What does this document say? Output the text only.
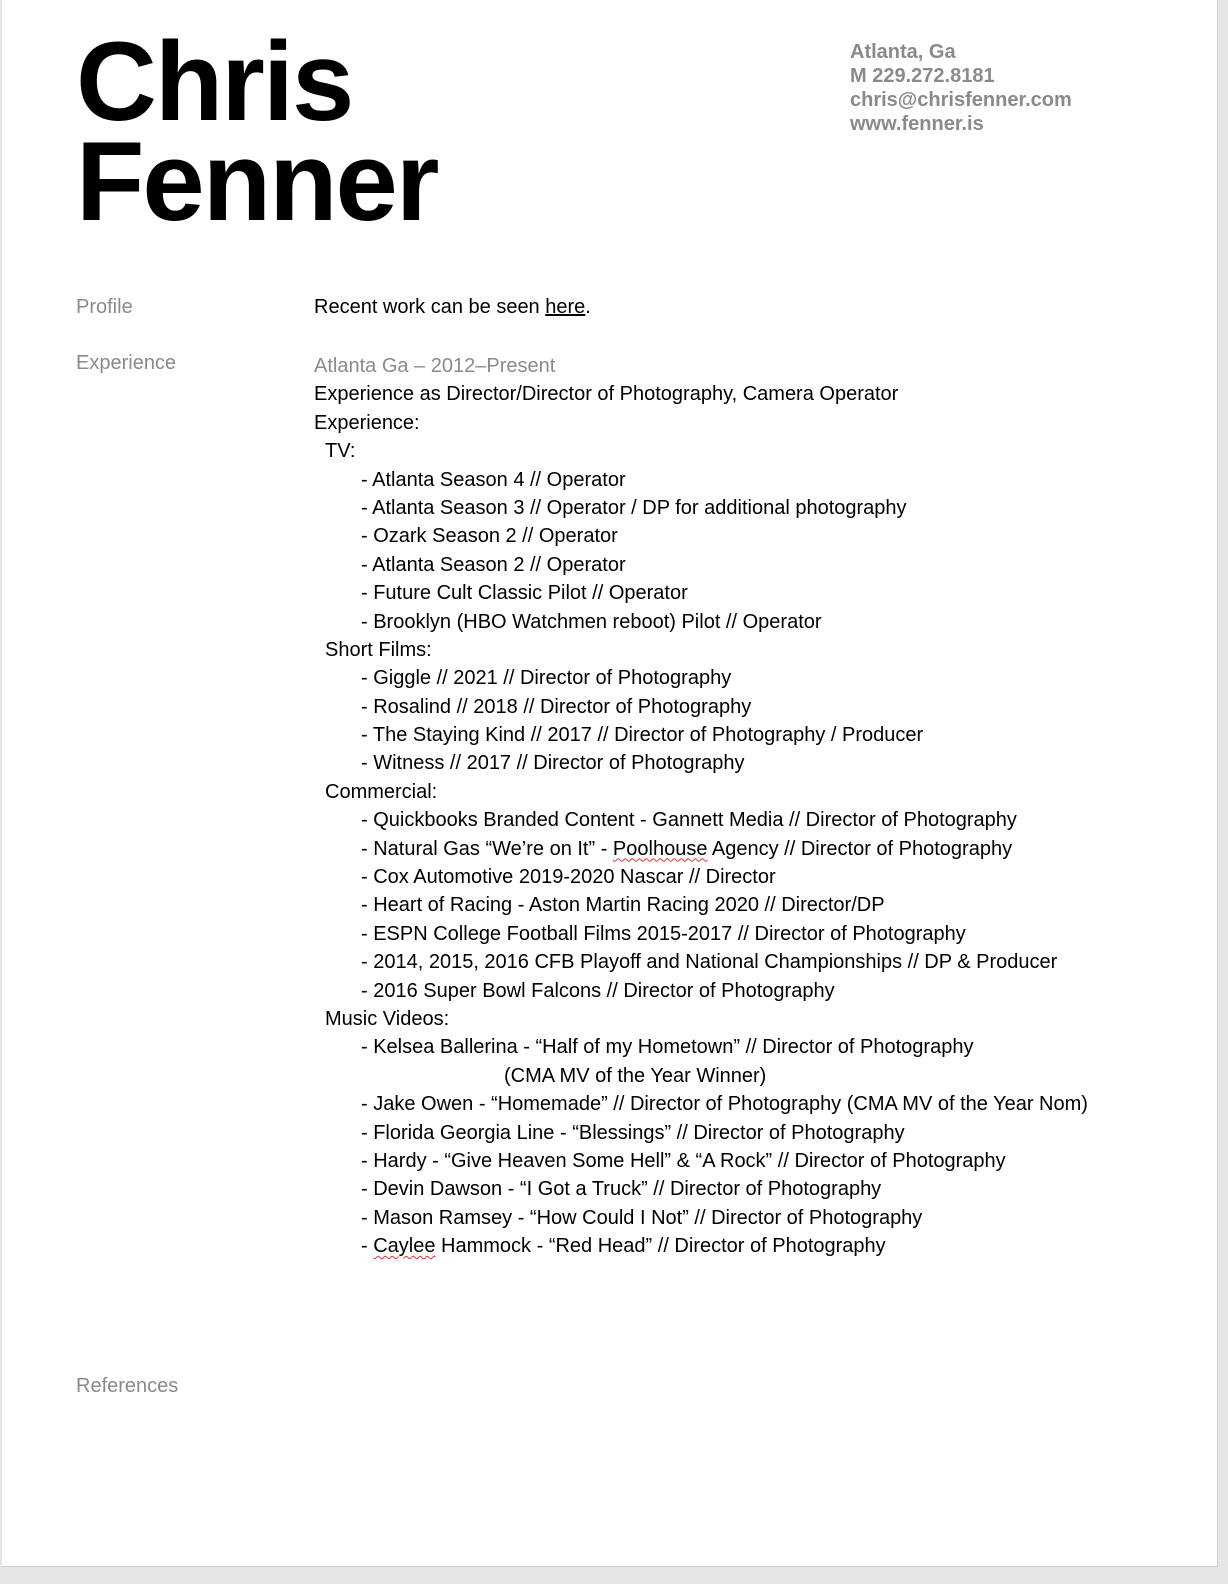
Chris
Fenner
Atlanta, Ga
M 229.272.8181
chris@chrisfenner.com
www.fenner.is
Profile	Recent work can be seen here.
Experience	Atlanta Ga – 2012–Present
Experience as Director/Director of Photography, Camera Operator
Experience:
TV:
- Atlanta Season 4 // Operator
- Atlanta Season 3 // Operator / DP for additional photography
- Ozark Season 2 // Operator
- Atlanta Season 2 // Operator
- Future Cult Classic Pilot // Operator
- Brooklyn (HBO Watchmen reboot) Pilot // Operator
Short Films:
- Giggle // 2021 // Director of Photography
- Rosalind // 2018 // Director of Photography
- The Staying Kind // 2017 // Director of Photography / Producer
- Witness // 2017 // Director of Photography
Commercial:
- Quickbooks Branded Content - Gannett Media // Director of Photography
- Natural Gas “We’re on It” - Poolhouse Agency // Director of Photography
- Cox Automotive 2019-2020 Nascar // Director
- Heart of Racing - Aston Martin Racing 2020 // Director/DP
- ESPN College Football Films 2015-2017 // Director of Photography
- 2014, 2015, 2016 CFB Playoff and National Championships // DP & Producer
- 2016 Super Bowl Falcons // Director of Photography
Music Videos:
- Kelsea Ballerina - “Half of my Hometown” // Director of Photography
(CMA MV of the Year Winner)
- Jake Owen - “Homemade” // Director of Photography (CMA MV of the Year Nom)
- Florida Georgia Line - “Blessings” // Director of Photography
- Hardy - “Give Heaven Some Hell” & “A Rock” // Director of Photography
- Devin Dawson - “I Got a Truck” // Director of Photography
- Mason Ramsey - “How Could I Not” // Director of Photography
- Caylee Hammock - “Red Head” // Director of Photography
References
